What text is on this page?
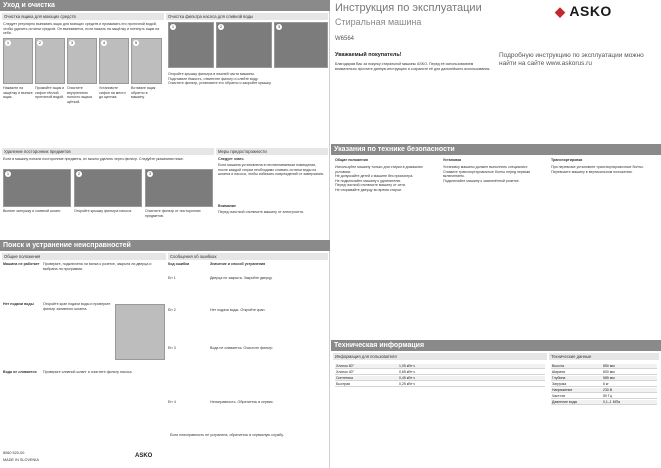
Уход и очистка
Очистка ящика для моющих средств	Очистка фильтра насоса для сливной воды
Следует регулярно вынимать ящик для моющих средств и промывать его проточной водой, чтобы удалить остатки средств. Он вынимается, если нажать на защёлку и потянуть ящик на себя.
1	2	3	4	5
Нажмите на защёлку и выньте ящик.
Промойте ящик и сифон тёплой проточной водой.
Очистите внутреннюю полость ящика щёткой.
Установите сифон на место до щелчка.
Вставьте ящик обратно в машину.
1	2	3
Откройте крышку фильтра в нижней части машины.
Подставьте ёмкость, отвинтите фильтр и слейте воду.
Очистите фильтр, установите его обратно и закройте крышку.
Удаление посторонних предметов
Если в машину попали посторонние предметы, их можно удалить через фильтр. Следуйте указаниям ниже.
1	2	3
Выньте заглушку и сливной шланг.	Откройте крышку фильтра насоса.	Очистите фильтр от посторонних предметов.
Меры предосторожности
Следует знать
Если машина установлена в неотапливаемом помещении, после каждой стирки необходимо сливать остатки воды из шланга и насоса, чтобы избежать повреждений от замерзания.
Внимание
Перед очисткой отключите машину от электросети.
Поиск и устранение неисправностей
Общие положения	Сообщения об ошибках
Машина не работает Проверьте, подключена ли вилка к розетке, закрыта ли дверца и выбрана ли программа.
Нет подачи воды	Откройте кран подачи воды и проверьте фильтр заливного шланга.
Вода не сливается	Проверьте сливной шланг и очистите фильтр насоса.
Код ошибки	Значение и способ устранения
Err 1	Дверца не закрыта. Закройте дверцу.
Err 2	Нет подачи воды. Откройте кран.
Err 3	Вода не сливается. Очистите фильтр.
Err 4	Неисправность. Обратитесь в сервис.
Если неисправность не устранена, обратитесь в сервисную службу.
8060 520-00
MADE IN SLOVENIA
ASKO
Инструкция по эксплуатации
Стиральная машина
W6564
◆ ASKO
Уважаемый покупатель!
Благодарим Вас за покупку стиральной машины ASKO. Перед её использованием внимательно прочтите данную инструкцию и сохраните её для дальнейшего использования.
Подробную инструкцию по эксплуатации можно найти на сайте www.askorus.ru
Указания по технике безопасности
Общие положения
Используйте машину только для стирки в домашних условиях.
Не допускайте детей к машине без присмотра.
Не подключайте машину к удлинителю.
Перед чисткой отключите машину от сети.
Не открывайте дверцу во время стирки.
Установка
Установку машины должен выполнять специалист.
Снимите транспортировочные болты перед первым включением.
Подключайте машину к заземлённой розетке.
Транспортировка
При перевозке установите транспортировочные болты.
Перевозите машину в вертикальном положении.
Техническая информация
Информация для пользователя	Технические данные
Хлопок 60°	1,05 кВт·ч
Хлопок 40°	0,65 кВт·ч
Синтетика	0,45 кВт·ч
Быстрая	0,25 кВт·ч
Высота	850 мм
Ширина	600 мм
Глубина	585 мм
Загрузка	6 кг
Напряжение	230 В
Частота	50 Гц
Давление воды	0,1–1 МПа
